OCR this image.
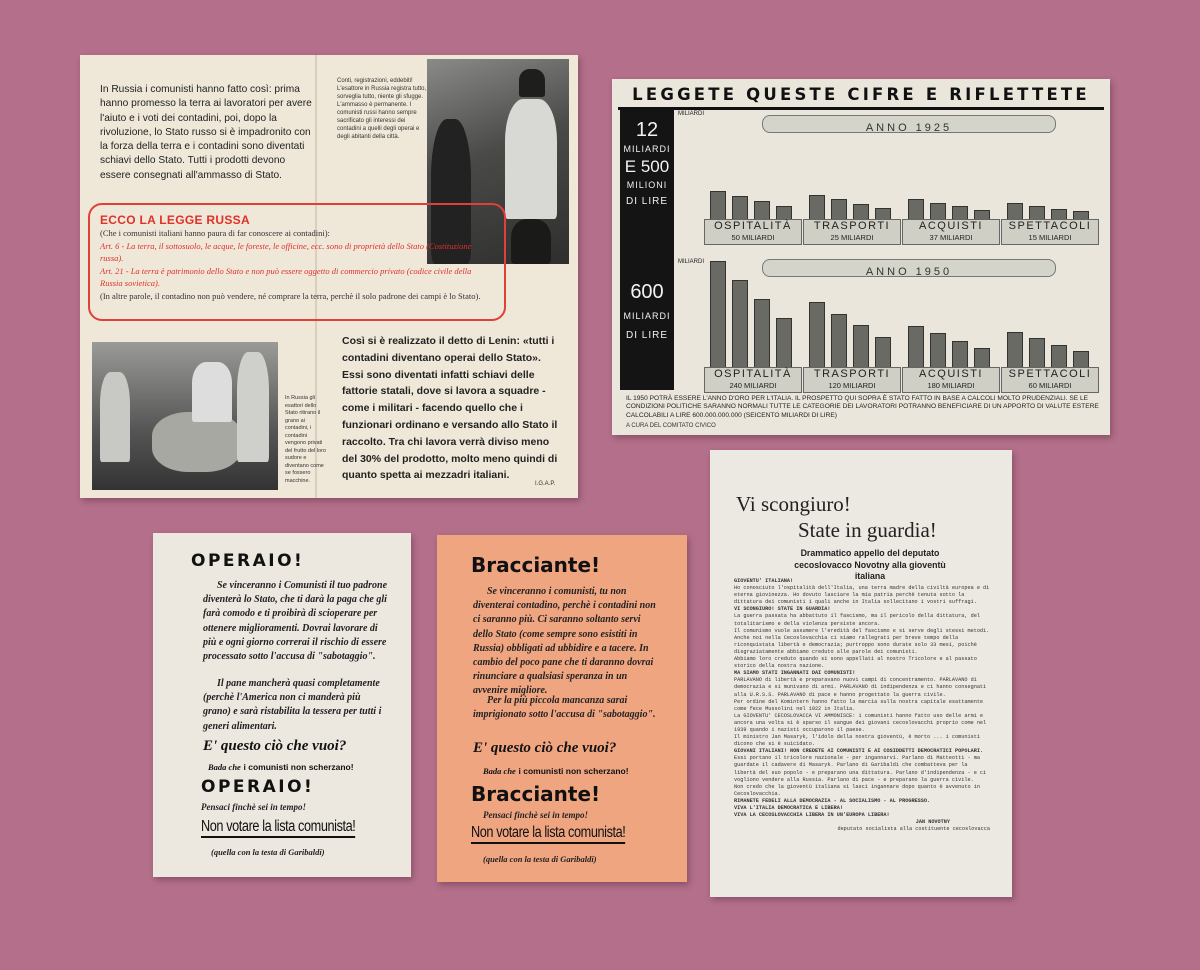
In Russia i comunisti hanno fatto così: prima hanno promesso la terra ai lavoratori per avere l'aiuto e i voti dei contadini, poi, dopo la rivoluzione, lo Stato russo si è impadronito con la forza della terra e i contadini sono diventati schiavi dello Stato. Tutti i prodotti devono essere consegnati all'ammasso di Stato.
Conti, registrazioni, eddebiti! L'esattore in Russia registra tutto, sorveglia tutto, niente gli sfugge. L'ammasso è permanente. I comunisti russi hanno sempre sacrificato gli interessi dei contadini a quelli degli operai e degli abitanti della città.
ECCO LA LEGGE RUSSA
(Che i comunisti italiani hanno paura di far conoscere ai contadini):
Art. 6 - La terra, il sottosuolo, le acque, le foreste, le officine, ecc. sono di proprietà dello Stato (Costituzione russa).
Art. 21 - La terra è patrimonio dello Stato e non può essere oggetto di commercio privato (codice civile della Russia sovietica).
(In altre parole, il contadino non può vendere, né comprare la terra, perchè il solo padrone dei campi è lo Stato).
In Russia gli esattori dello Stato ritirano il grano ai contadini, i contadini vengono privati del frutto del loro sudore e diventano come se fossero macchine.
Così si è realizzato il detto di Lenin: «tutti i contadini diventano operai dello Stato». Essi sono diventati infatti schiavi delle fattorie statali, dove si lavora a squadre - come i militari - facendo quello che i funzionari ordinano e versando allo Stato il raccolto. Tra chi lavora verrà diviso meno del 30% del prodotto, molto meno quindi di quanto spetta ai mezzadri italiani.
I.G.A.P.
LEGGETE QUESTE CIFRE E RIFLETTETE
12
MILIARDI
E 500
MILIONI
DI LIRE
600
MILIARDI
DI LIRE
MILIARDI
ANNO 1925
OSPITALITÀ
50 MILIARDI
TRASPORTI
25 MILIARDI
ACQUISTI
37 MILIARDI
SPETTACOLI
15 MILIARDI
MILIARDI
ANNO 1950
OSPITALITÀ
240 MILIARDI
TRASPORTI
120 MILIARDI
ACQUISTI
180 MILIARDI
SPETTACOLI
60 MILIARDI
IL 1950 POTRÀ ESSERE L'ANNO D'ORO PER L'ITALIA. IL PROSPETTO QUI SOPRA È STATO FATTO IN BASE A CALCOLI MOLTO PRUDENZIALI. SE LE CONDIZIONI POLITICHE SARANNO NORMALI TUTTE LE CATEGORIE DEI LAVORATORI POTRANNO BENEFICIARE DI UN APPORTO DI VALUTE ESTERE CALCOLABILI A LIRE 600.000.000.000 (SEICENTO MILIARDI DI LIRE)
A CURA DEL COMITATO CIVICO
OPERAIO!
Se vinceranno i Comunisti il tuo padrone diventerà lo Stato, che ti darà la paga che gli farà comodo e ti proibirà di scioperare per ottenere miglioramenti. Dovrai lavorare di più e ogni giorno correrai il rischio di essere processato sotto l'accusa di "sabotaggio".
Il pane mancherà quasi completamente (perchè l'America non ci manderà più grano) e sarà ristabilita la tessera per tutti i generi alimentari.
E' questo ciò che vuoi?
Bada che i comunisti non scherzano!
OPERAIO!
Pensaci finchè sei in tempo!
Non votare la lista comunista!
(quella con la testa di Garibaldi)
Bracciante!
Se vinceranno i comunisti, tu non diventerai contadino, perchè i contadini non ci saranno più. Ci saranno soltanto servi dello Stato (come sempre sono esistiti in Russia) obbligati ad ubbidire e a tacere. In cambio del poco pane che ti daranno dovrai rinunciare a qualsiasi speranza in un avvenire migliore.
Per la più piccola mancanza sarai imprigionato sotto l'accusa di "sabotaggio".
E' questo ciò che vuoi?
Bada che i comunisti non scherzano!
Bracciante!
Pensaci finchè sei in tempo!
Non votare la lista comunista!
(quella con la testa di Garibaldi)
Vi scongiuro!
State in guardia!
Drammatico appello del deputato cecoslovacco Novotny alla gioventù italiana
GIOVENTU' ITALIANA!
Ho conosciuto l'ospitalità dell'Italia, una terra madre della civiltà europea e di eterna giovinezza. Ho dovuto lasciare la mia patria perchè tenuta sotto la dittatura dei comunisti i quali anche in Italia sollecitano i vostri suffragi.
VI SCONGIURO! STATE IN GUARDIA!
La guerra passata ha abbattuto il fascismo, ma il pericolo della dittatura, del totalitarismo e della violenza persiste ancora.
Il comunismo vuole assumere l'eredità del fascismo e si serve degli stessi metodi.
Anche noi nella Cecoslovacchia ci siamo rallegrati per breve tempo della riconquistata libertà e democrazia; purtroppo sono durate solo 33 mesi, poichè disgraziatamente abbiamo creduto alle parole dei comunisti.
Abbiamo loro creduto quando si sono appellati al nostro Tricolore e al passato storico della nostra nazione.
MA SIAMO STATI INGANNATI DAI COMUNISTI!
PARLAVANO di libertà e preparavano nuovi campi di concentramento. PARLAVANO di democrazia e si munivano di armi. PARLAVANO di indipendenza e ci hanno consegnati alla U.R.S.S. PARLAVANO di pace e hanno progettato la guerra civile.
Per ordine del Komintern hanno fatto la marcia sulla nostra capitale esattamente come fece Mussolini nel 1922 in Italia.
La GIOVENTU' CECOSLOVACCA VI AMMONISCE: i comunisti hanno fatto uso delle armi e ancora una volta si è sparso il sangue dei giovani cecoslovacchi proprio come nel 1939 quando i nazisti occuparono il paese.
Il ministro Jan Masaryk, l'idolo della nostra gioventù, è morto ... i comunisti dicono che si è suicidato.
GIOVANI ITALIANI! NON CREDETE AI COMUNISTI E AI COSIDDETTI DEMOCRATICI POPOLARI.
Essi portano il tricolore nazionale - per ingannarvi. Parlano di Matteotti - ma guardate il cadavere di Masaryk. Parlano di Garibaldi che combatteva per la libertà del suo popolo - e preparano una dittatura. Parlano d'indipendenza - e ci vogliono vendere alla Russia. Parlano di pace - e preparano la guerra civile.
Non credo che la gioventù italiana si lasci ingannare dopo quanto è avvenuto in Cecoslovacchia.
RIMANETE FEDELI ALLA DEMOCRAZIA - AL SOCIALISMO - AL PROGRESSO.
VIVA L'ITALIA DEMOCRATICA E LIBERA!
VIVA LA CECOSLOVACCHIA LIBERA IN UN'EUROPA LIBERA!
JAN NOVOTNY
deputato socialista alla costituente cecoslovacca
